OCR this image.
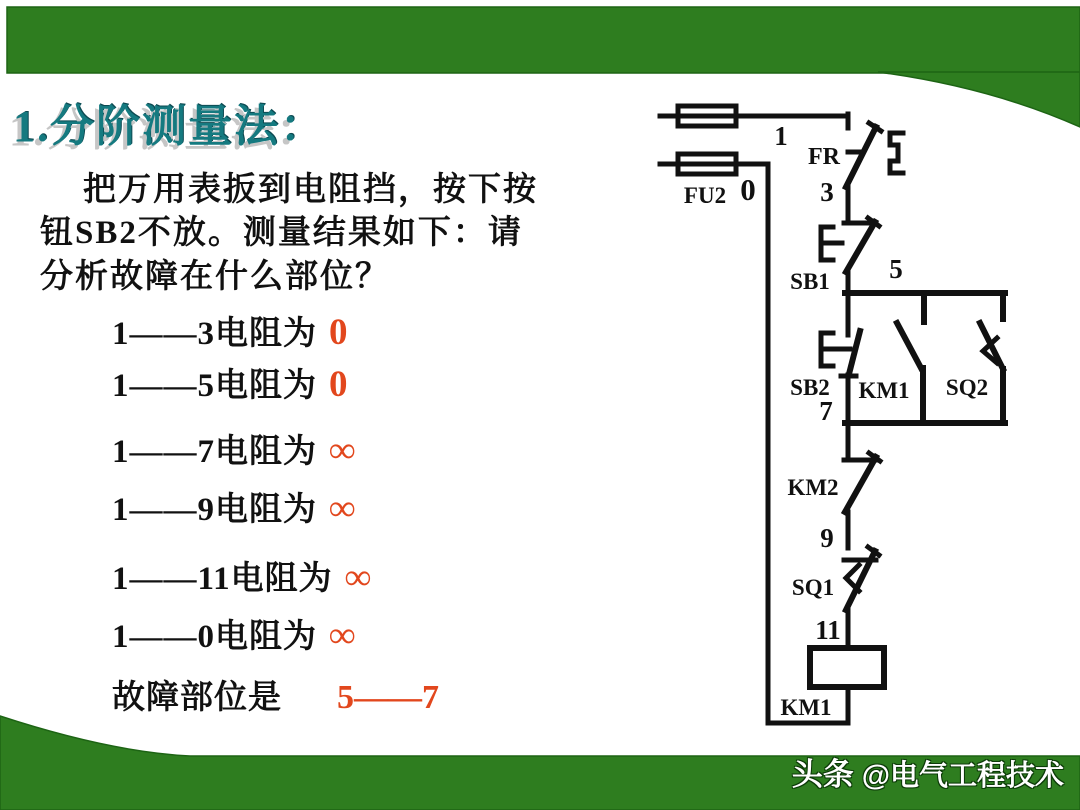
1.分阶测量法：
把万用表扳到电阻挡，按下按
钮SB2不放。测量结果如下：请
分析故障在什么部位？
1——3电阻为 0
1——5电阻为 0
1——7电阻为 ∞
1——9电阻为 ∞
1——11电阻为 ∞
1——0电阻为 ∞
故障部位是 5——7
FU2
FR
SB1
SB2 KM1 SQ2
KM2
SQ1
KM1
1
0 3
5
7
9
11
头条 @电气工程技术
